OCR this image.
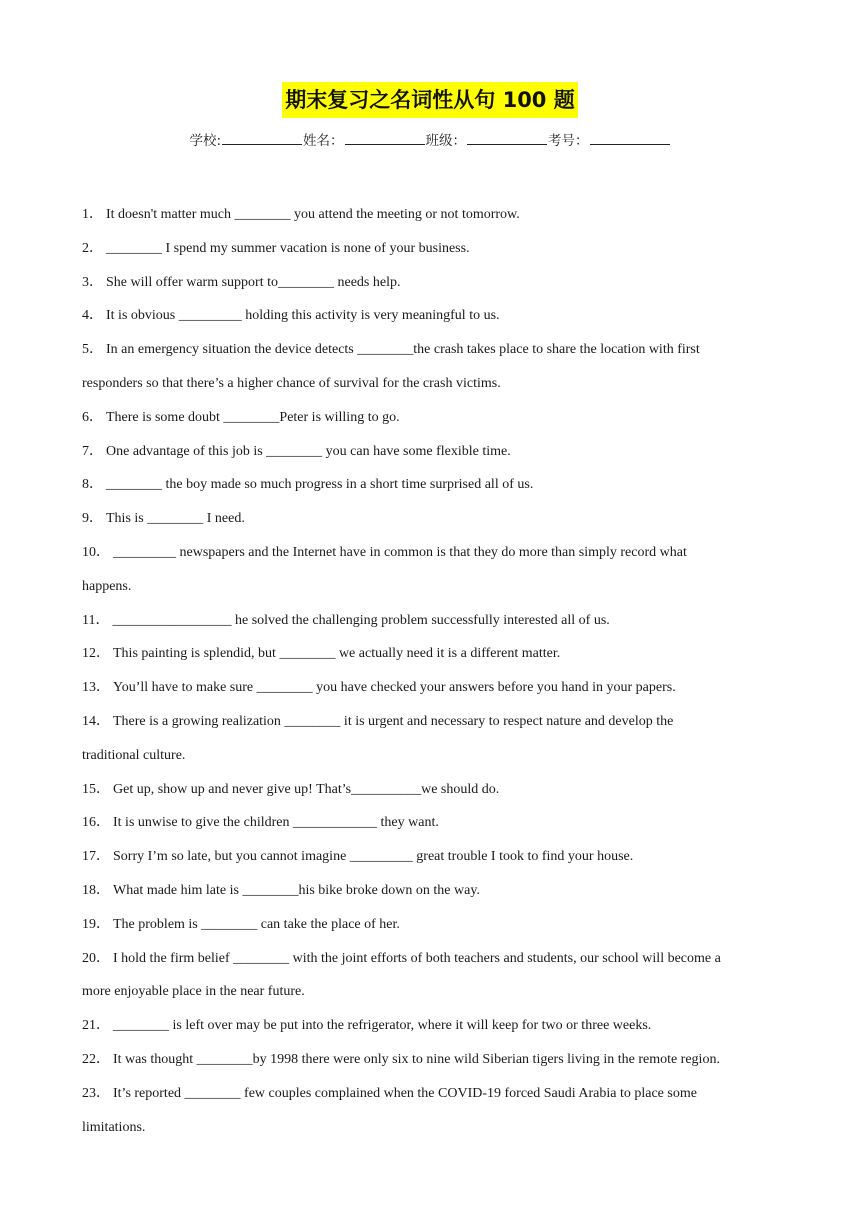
期末复习之名词性从句 100 题
学校:	姓名：	班级：	考号：

1． It doesn't matter much ________ you attend the meeting or not tomorrow.

2． ________ I spend my summer vacation is none of your business.

3． She will offer warm support to________ needs help.

4． It is obvious _________ holding this activity is very meaningful to us.

5． In an emergency situation the device detects ________the crash takes place to share the location with first

responders so that there’s a higher chance of survival for the crash victims.

6． There is some doubt ________Peter is willing to go.

7． One advantage of this job is ________ you can have some flexible time.

8． ________ the boy made so much progress in a short time surprised all of us.

9． This is ________ I need.

10． _________ newspapers and the Internet have in common is that they do more than simply record what

happens.

11． _________________ he solved the challenging problem successfully interested all of us.

12． This painting is splendid, but ________ we actually need it is a different matter.

13． You’ll have to make sure ________ you have checked your answers before you hand in your papers.

14． There is a growing realization ________ it is urgent and necessary to respect nature and develop the

traditional culture.

15． Get up, show up and never give up! That’s__________we should do.

16． It is unwise to give the children ____________ they want.

17． Sorry I’m so late, but you cannot imagine _________ great trouble I took to find your house.

18． What made him late is ________his bike broke down on the way.

19． The problem is ________ can take the place of her.

20． I hold the firm belief ________ with the joint efforts of both teachers and students, our school will become a

more enjoyable place in the near future.

21． ________ is left over may be put into the refrigerator, where it will keep for two or three weeks.

22． It was thought ________by 1998 there were only six to nine wild Siberian tigers living in the remote region.

23． It’s reported ________ few couples complained when the COVID-19 forced Saudi Arabia to place some

limitations.
